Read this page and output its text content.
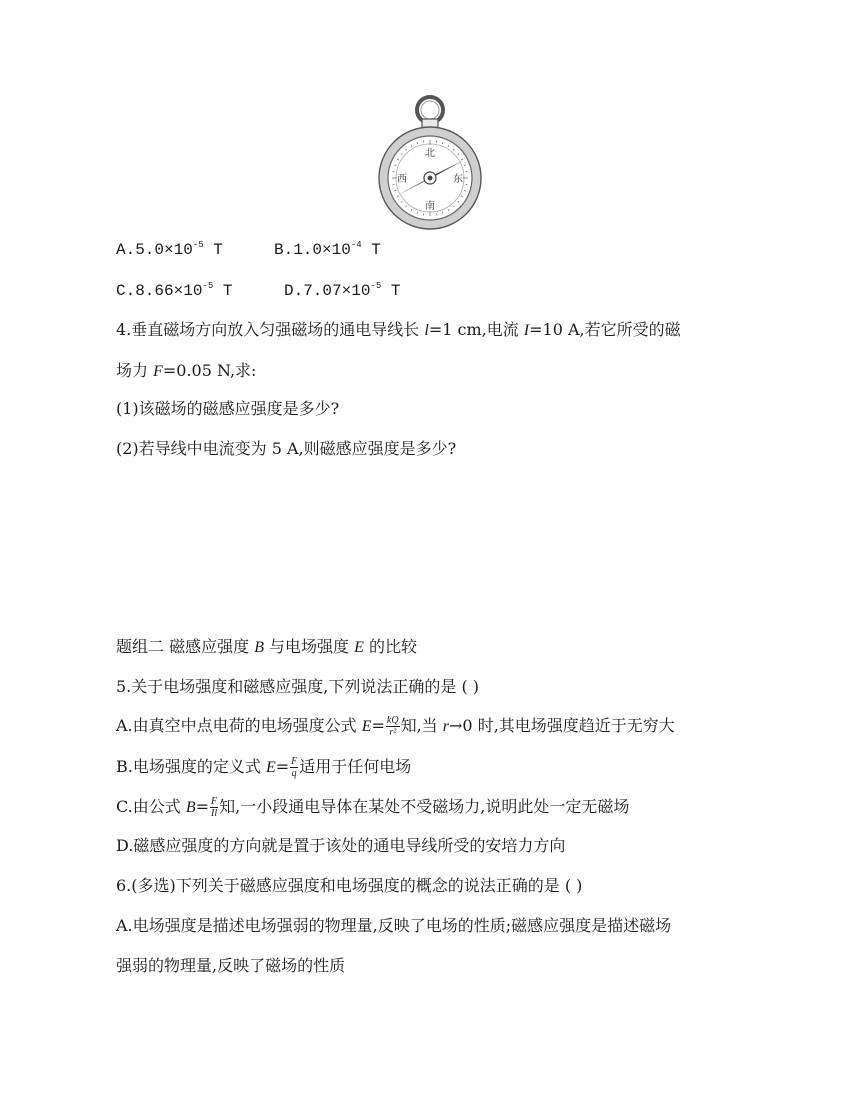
北
南
西	东
$A.5.0\times 10^{-5}$ T	$B.1.0\times 10^{-4}$ T
$C.8.66\times 10^{-5}$ T	$D.7.07\times 10^{-5}$ T
4.垂直磁场方向放入匀强磁场的通电导线长 l=1 cm,电流 I=10 A,若它所受的磁
场力 F=0.05 N,求:
(1)该磁场的磁感应强度是多少?
(2)若导线中电流变为 5 A,则磁感应强度是多少?
题组二 磁感应强度 B 与电场强度 E 的比较
5.关于电场强度和磁感应强度,下列说法正确的是 ( )
A.由真空中点电荷的电场强度公式 $E= \frac{kQ}{\text{r²}}$ 知,当 r→0 时,其电场强度趋近于无穷大
B.电场强度的定义式 $E= \frac{F}{q}$ 适用于任何电场
C.由公式 $B= \frac{F}{Il}$ 知,一小段通电导体在某处不受磁场力,说明此处一定无磁场
D.磁感应强度的方向就是置于该处的通电导线所受的安培力方向
6.(多选)下列关于磁感应强度和电场强度的概念的说法正确的是 ( )
A.电场强度是描述电场强弱的物理量,反映了电场的性质;磁感应强度是描述磁场
强弱的物理量,反映了磁场的性质
